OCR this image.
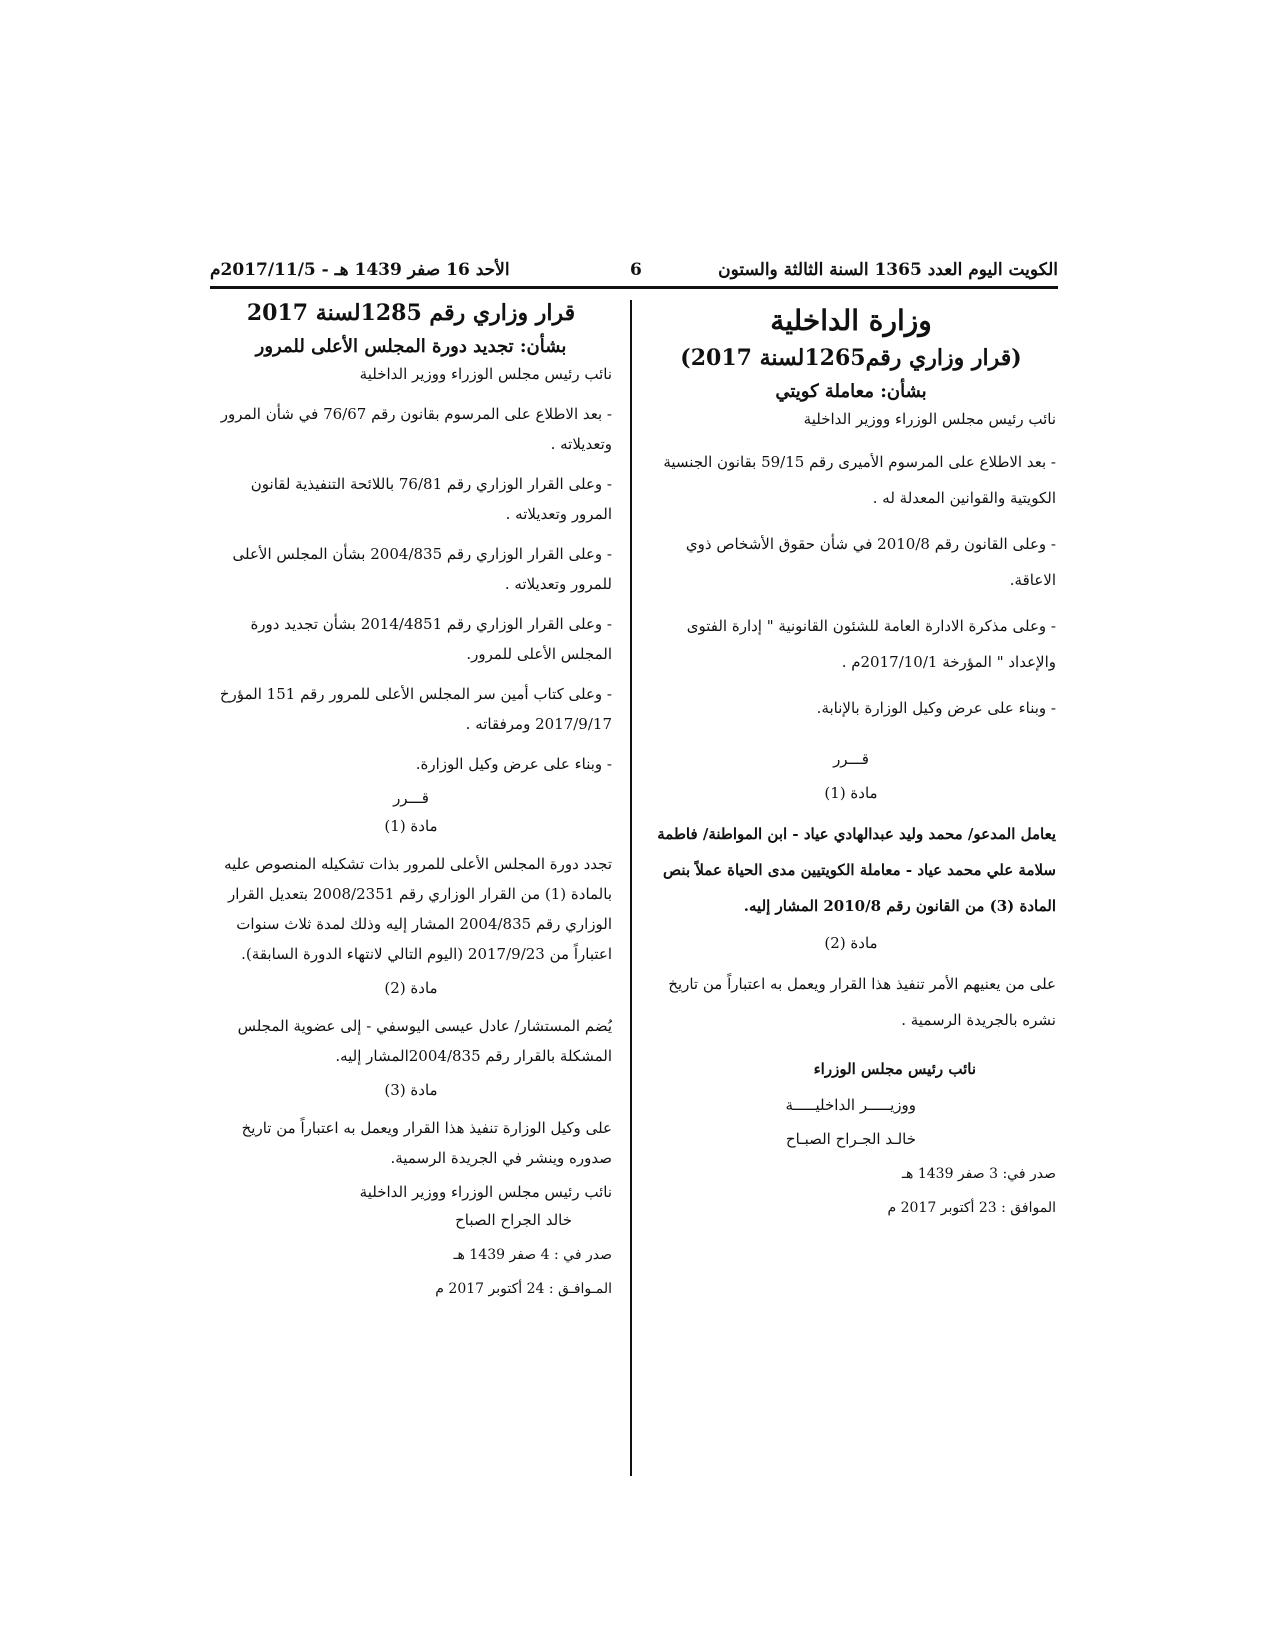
الكويت اليوم العدد 1365 السنة الثالثة والستون
6
الأحد 16 صفر 1439 هـ - 2017/11/5م
وزارة الداخلية
(قرار وزاري رقم1265لسنة 2017)
بشأن: معاملة كويتي
نائب رئيس مجلس الوزراء ووزير الداخلية
- بعد الاطلاع على المرسوم الأميرى رقم 59/15 بقانون الجنسية الكويتية والقوانين المعدلة له .
- وعلى القانون رقم 2010/8 في شأن حقوق الأشخاص ذوي الاعاقة.
- وعلى مذكرة الادارة العامة للشئون القانونية " إدارة الفتوى والإعداد " المؤرخة 2017/10/1م .
- وبناء على عرض وكيل الوزارة بالإنابة.
قـــرر
مادة (1)
يعامل المدعو/ محمد وليد عبدالهادي عياد - ابن المواطنة/ فاطمة سلامة علي محمد عياد - معاملة الكويتيين مدى الحياة عملاً بنص المادة (3) من القانون رقم 2010/8 المشار إليه.
مادة (2)
على من يعنيهم الأمر تنفيذ هذا القرار ويعمل به اعتباراً من تاريخ نشره بالجريدة الرسمية .
نائب رئيس مجلس الوزراء
ووزيـــــر الداخليـــــة
خالـد الجـراح الصبـاح
صدر في: 3 صفر 1439 هـ
الموافق : 23 أكتوبر 2017 م
قرار وزاري رقم 1285لسنة 2017
بشأن: تجديد دورة المجلس الأعلى للمرور
نائب رئيس مجلس الوزراء ووزير الداخلية
- بعد الاطلاع على المرسوم بقانون رقم 76/67 في شأن المرور وتعديلاته .
- وعلى القرار الوزاري رقم 76/81 باللائحة التنفيذية لقانون المرور وتعديلاته .
- وعلى القرار الوزاري رقم 2004/835 بشأن المجلس الأعلى للمرور وتعديلاته .
- وعلى القرار الوزاري رقم 2014/4851 بشأن تجديد دورة المجلس الأعلى للمرور.
- وعلى كتاب أمين سر المجلس الأعلى للمرور رقم 151 المؤرخ 2017/9/17 ومرفقاته .
- وبناء على عرض وكيل الوزارة.
قـــرر
مادة (1)
تجدد دورة المجلس الأعلى للمرور بذات تشكيله المنصوص عليه بالمادة (1) من القرار الوزاري رقم 2008/2351 بتعديل القرار الوزاري رقم 2004/835 المشار إليه وذلك لمدة ثلاث سنوات اعتباراً من 2017/9/23 (اليوم التالي لانتهاء الدورة السابقة).
مادة (2)
يُضم المستشار/ عادل عيسى اليوسفي - إلى عضوية المجلس المشكلة بالقرار رقم 2004/835المشار إليه.
مادة (3)
على وكيل الوزارة تنفيذ هذا القرار ويعمل به اعتباراً من تاريخ صدوره وينشر في الجريدة الرسمية.
نائب رئيس مجلس الوزراء ووزير الداخلية
خالد الجراح الصباح
صدر في : 4 صفر 1439 هـ
المـوافـق : 24 أكتوبر 2017 م
